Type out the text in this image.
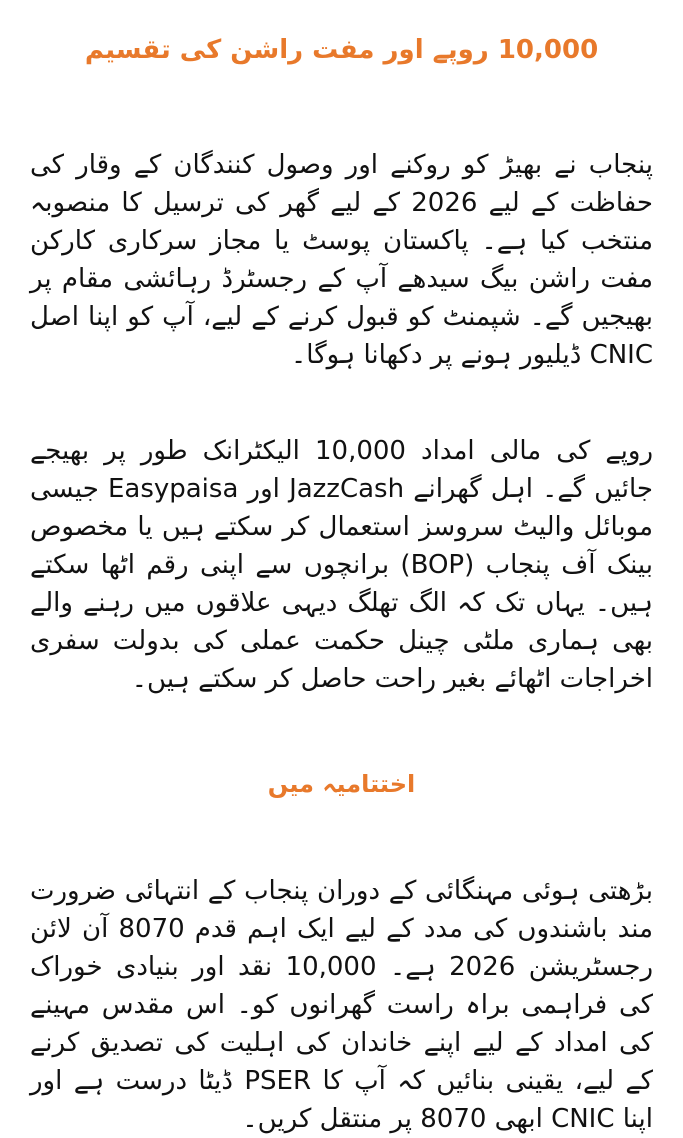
10,000 روپے اور مفت راشن کی تقسیم

پنجاب نے بھیڑ کو روکنے اور وصول کنندگان کے وقار کی حفاظت کے لیے 2026 کے لیے گھر کی ترسیل کا منصوبہ منتخب کیا ہے۔ پاکستان پوسٹ یا مجاز سرکاری کارکن مفت راشن بیگ سیدھے آپ کے رجسٹرڈ رہائشی مقام پر بھیجیں گے۔ شپمنٹ کو قبول کرنے کے لیے، آپ کو اپنا اصل CNIC ڈیلیور ہونے پر دکھانا ہوگا۔

روپے کی مالی امداد 10,000 الیکٹرانک طور پر بھیجے جائیں گے۔ اہل گھرانے JazzCash اور Easypaisa جیسی موبائل والیٹ سروسز استعمال کر سکتے ہیں یا مخصوص بینک آف پنجاب (BOP) برانچوں سے اپنی رقم اٹھا سکتے ہیں۔ یہاں تک کہ الگ تھلگ دیہی علاقوں میں رہنے والے بھی ہماری ملٹی چینل حکمت عملی کی بدولت سفری اخراجات اٹھائے بغیر راحت حاصل کر سکتے ہیں۔

اختتامیہ میں

بڑھتی ہوئی مہنگائی کے دوران پنجاب کے انتہائی ضرورت مند باشندوں کی مدد کے لیے ایک اہم قدم 8070 آن لائن رجسٹریشن 2026 ہے۔ 10,000 نقد اور بنیادی خوراک کی فراہمی براہ راست گھرانوں کو۔ اس مقدس مہینے کی امداد کے لیے اپنے خاندان کی اہلیت کی تصدیق کرنے کے لیے، یقینی بنائیں کہ آپ کا PSER ڈیٹا درست ہے اور اپنا CNIC ابھی 8070 پر منتقل کریں۔
